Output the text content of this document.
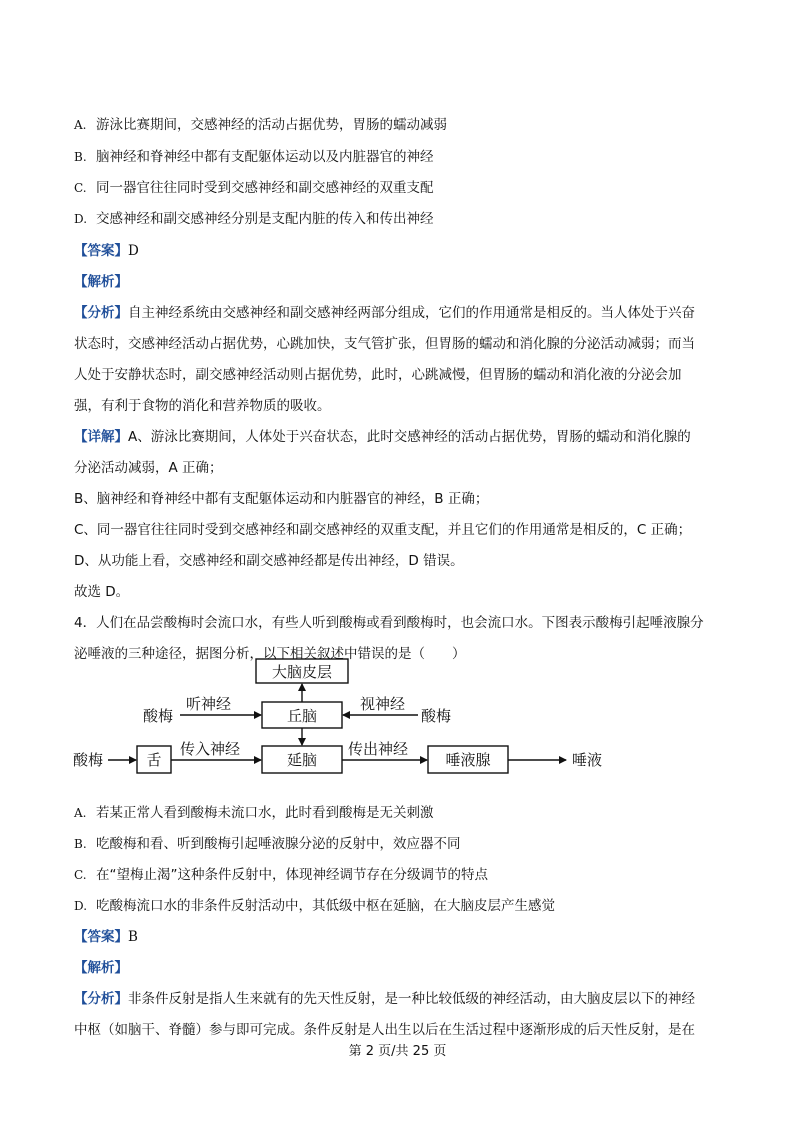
A. 游泳比赛期间，交感神经的活动占据优势，胃肠的蠕动减弱
B. 脑神经和脊神经中都有支配躯体运动以及内脏器官的神经
C. 同一器官往往同时受到交感神经和副交感神经的双重支配
D. 交感神经和副交感神经分别是支配内脏的传入和传出神经
【答案】D
【解析】
【分析】自主神经系统由交感神经和副交感神经两部分组成，它们的作用通常是相反的。当人体处于兴奋
状态时，交感神经活动占据优势，心跳加快，支气管扩张，但胃肠的蠕动和消化腺的分泌活动减弱；而当
人处于安静状态时，副交感神经活动则占据优势，此时，心跳减慢，但胃肠的蠕动和消化液的分泌会加
强，有利于食物的消化和营养物质的吸收。
【详解】A、游泳比赛期间，人体处于兴奋状态，此时交感神经的活动占据优势，胃肠的蠕动和消化腺的
分泌活动减弱，A 正确；
B、脑神经和脊神经中都有支配躯体运动和内脏器官的神经，B 正确；
C、同一器官往往同时受到交感神经和副交感神经的双重支配，并且它们的作用通常是相反的，C 正确；
D、从功能上看，交感神经和副交感神经都是传出神经，D 错误。
故选 D。
4．人们在品尝酸梅时会流口水，有些人听到酸梅或看到酸梅时，也会流口水。下图表示酸梅引起唾液腺分
泌唾液的三种途径，据图分析，以下相关叙述中错误的是（　　）
大脑皮层
丘脑
延脑
舌	唾液腺
酸梅	酸梅
酸梅
听神经	视神经
传入神经	传出神经
唾液
A. 若某正常人看到酸梅未流口水，此时看到酸梅是无关刺激
B. 吃酸梅和看、听到酸梅引起唾液腺分泌的反射中，效应器不同
C. 在“望梅止渴”这种条件反射中，体现神经调节存在分级调节的特点
D. 吃酸梅流口水的非条件反射活动中，其低级中枢在延脑，在大脑皮层产生感觉
【答案】B
【解析】
【分析】非条件反射是指人生来就有的先天性反射，是一种比较低级的神经活动，由大脑皮层以下的神经
中枢（如脑干、脊髓）参与即可完成。条件反射是人出生以后在生活过程中逐渐形成的后天性反射，是在
第 2 页/共 25 页
